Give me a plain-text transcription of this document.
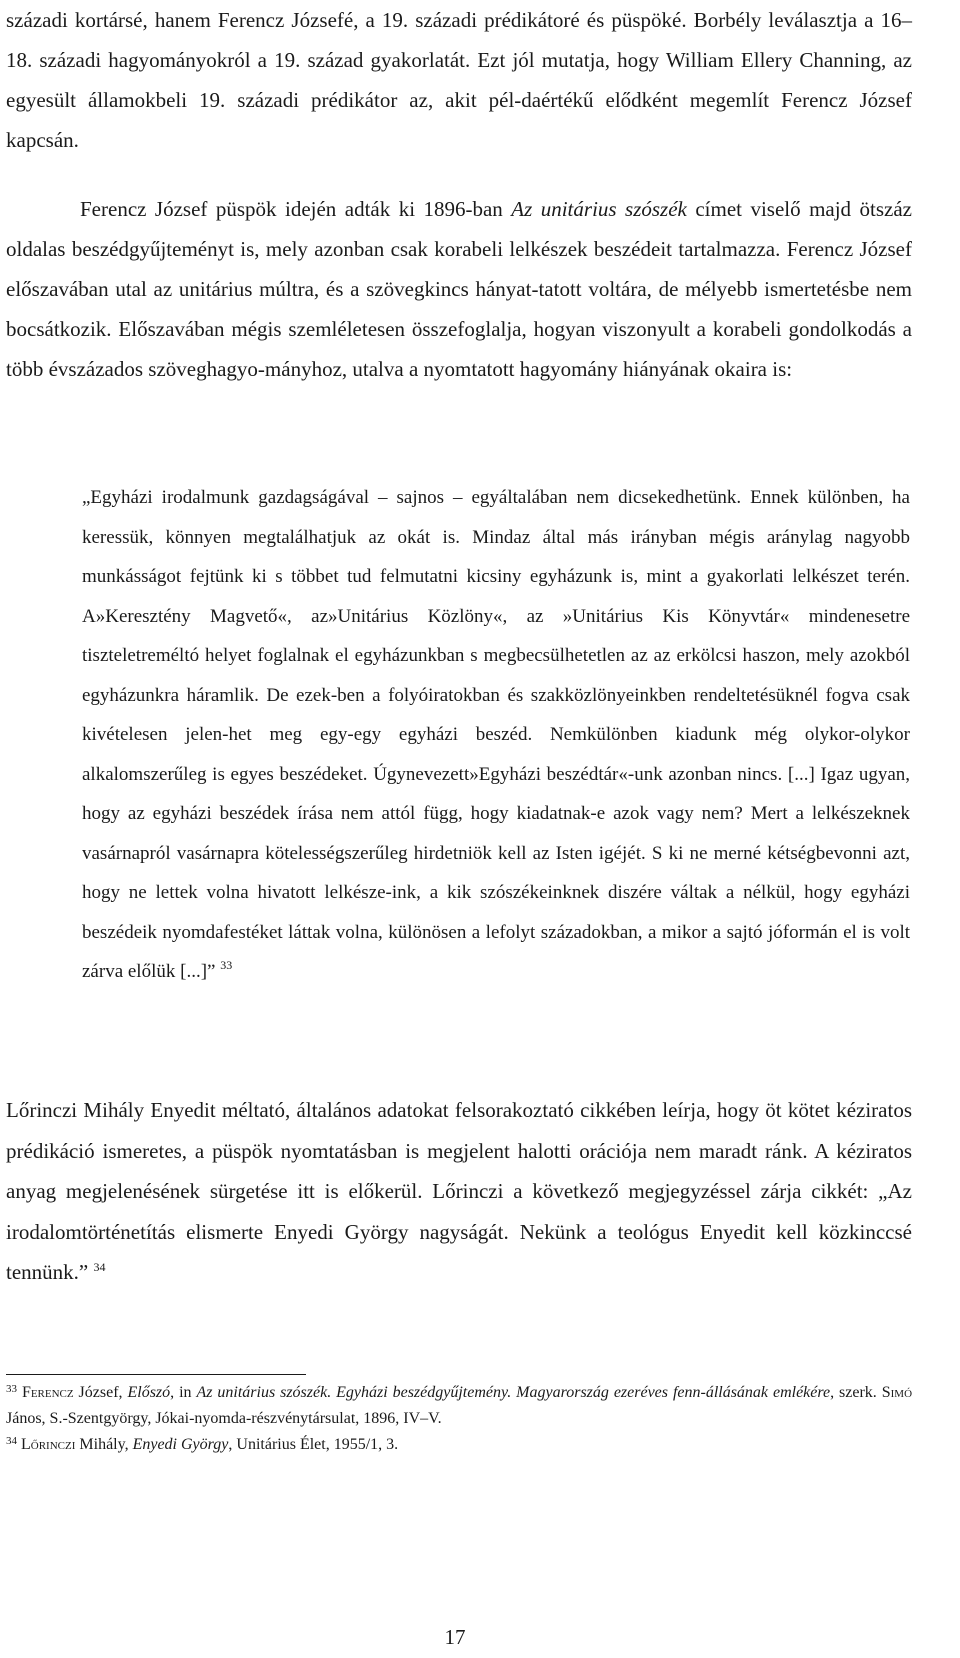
századi kortársé, hanem Ferencz Józsefé, a 19. századi prédikátoré és püspöké. Borbély leválasztja a 16–18. századi hagyományokról a 19. század gyakorlatát. Ezt jól mutatja, hogy William Ellery Channing, az egyesült államokbeli 19. századi prédikátor az, akit pél-daértékű elődként megemlít Ferencz József kapcsán.

Ferencz József püspök idején adták ki 1896-ban Az unitárius szószék címet viselő majd ötszáz oldalas beszédgyűjteményt is, mely azonban csak korabeli lelkészek beszédeit tartalmazza. Ferencz József előszavában utal az unitárius múltra, és a szövegkincs hányat-tatott voltára, de mélyebb ismertetésbe nem bocsátkozik. Előszavában mégis szemléletesen összefoglalja, hogyan viszonyult a korabeli gondolkodás a több évszázados szöveghagyo-mányhoz, utalva a nyomtatott hagyomány hiányának okaira is:

„Egyházi irodalmunk gazdagságával – sajnos – egyáltalában nem dicsekedhetünk. Ennek különben, ha keressük, könnyen megtalálhatjuk az okát is. Mindaz által más irányban mégis aránylag nagyobb munkásságot fejtünk ki s többet tud felmutatni kicsiny egyházunk is, mint a gyakorlati lelkészet terén. A»Keresztény Magvető«, az»Unitárius Közlöny«, az »Unitárius Kis Könyvtár« mindenesetre tiszteletreméltó helyet foglalnak el egyházunkban s megbecsülhetetlen az az erkölcsi haszon, mely azokból egyházunkra háramlik. De ezek-ben a folyóiratokban és szakközlönyeinkben rendeltetésüknél fogva csak kivételesen jelen-het meg egy-egy egyházi beszéd. Nemkülönben kiadunk még olykor-olykor alkalomszerűleg is egyes beszédeket. Úgynevezett»Egyházi beszédtár«-unk azonban nincs. [...] Igaz ugyan, hogy az egyházi beszédek írása nem attól függ, hogy kiadatnak-e azok vagy nem? Mert a lelkészeknek vasárnapról vasárnapra kötelességszerűleg hirdetniök kell az Isten igéjét. S ki ne merné kétségbevonni azt, hogy ne lettek volna hivatott lelkésze-ink, a kik szószékeinknek diszére váltak a nélkül, hogy egyházi beszédeik nyomdafestéket láttak volna, különösen a lefolyt századokban, a mikor a sajtó jóformán el is volt zárva előlük [...]” $^{33}$

Lőrinczi Mihály Enyedit méltató, általános adatokat felsorakoztató cikkében leírja, hogy öt kötet kéziratos prédikáció ismeretes, a püspök nyomtatásban is megjelent halotti orációja nem maradt ránk. A kéziratos anyag megjelenésének sürgetése itt is előkerül. Lőrinczi a következő megjegyzéssel zárja cikkét: „Az irodalomtörténetítás elismerte Enyedi György nagyságát. Nekünk a teológus Enyedit kell közkinccsé tennünk.” $^{34}$

$^{33}$ Ferencz József, Előszó, in Az unitárius szószék. Egyházi beszédgyűjtemény. Magyarország ezeréves fenn-állásának emlékére, szerk. Simó János, S.-Szentgyörgy, Jókai-nyomda-részvénytársulat, 1896, IV–V.

$^{34}$ Lőrinczi Mihály, Enyedi György, Unitárius Élet, 1955/1, 3.

17
